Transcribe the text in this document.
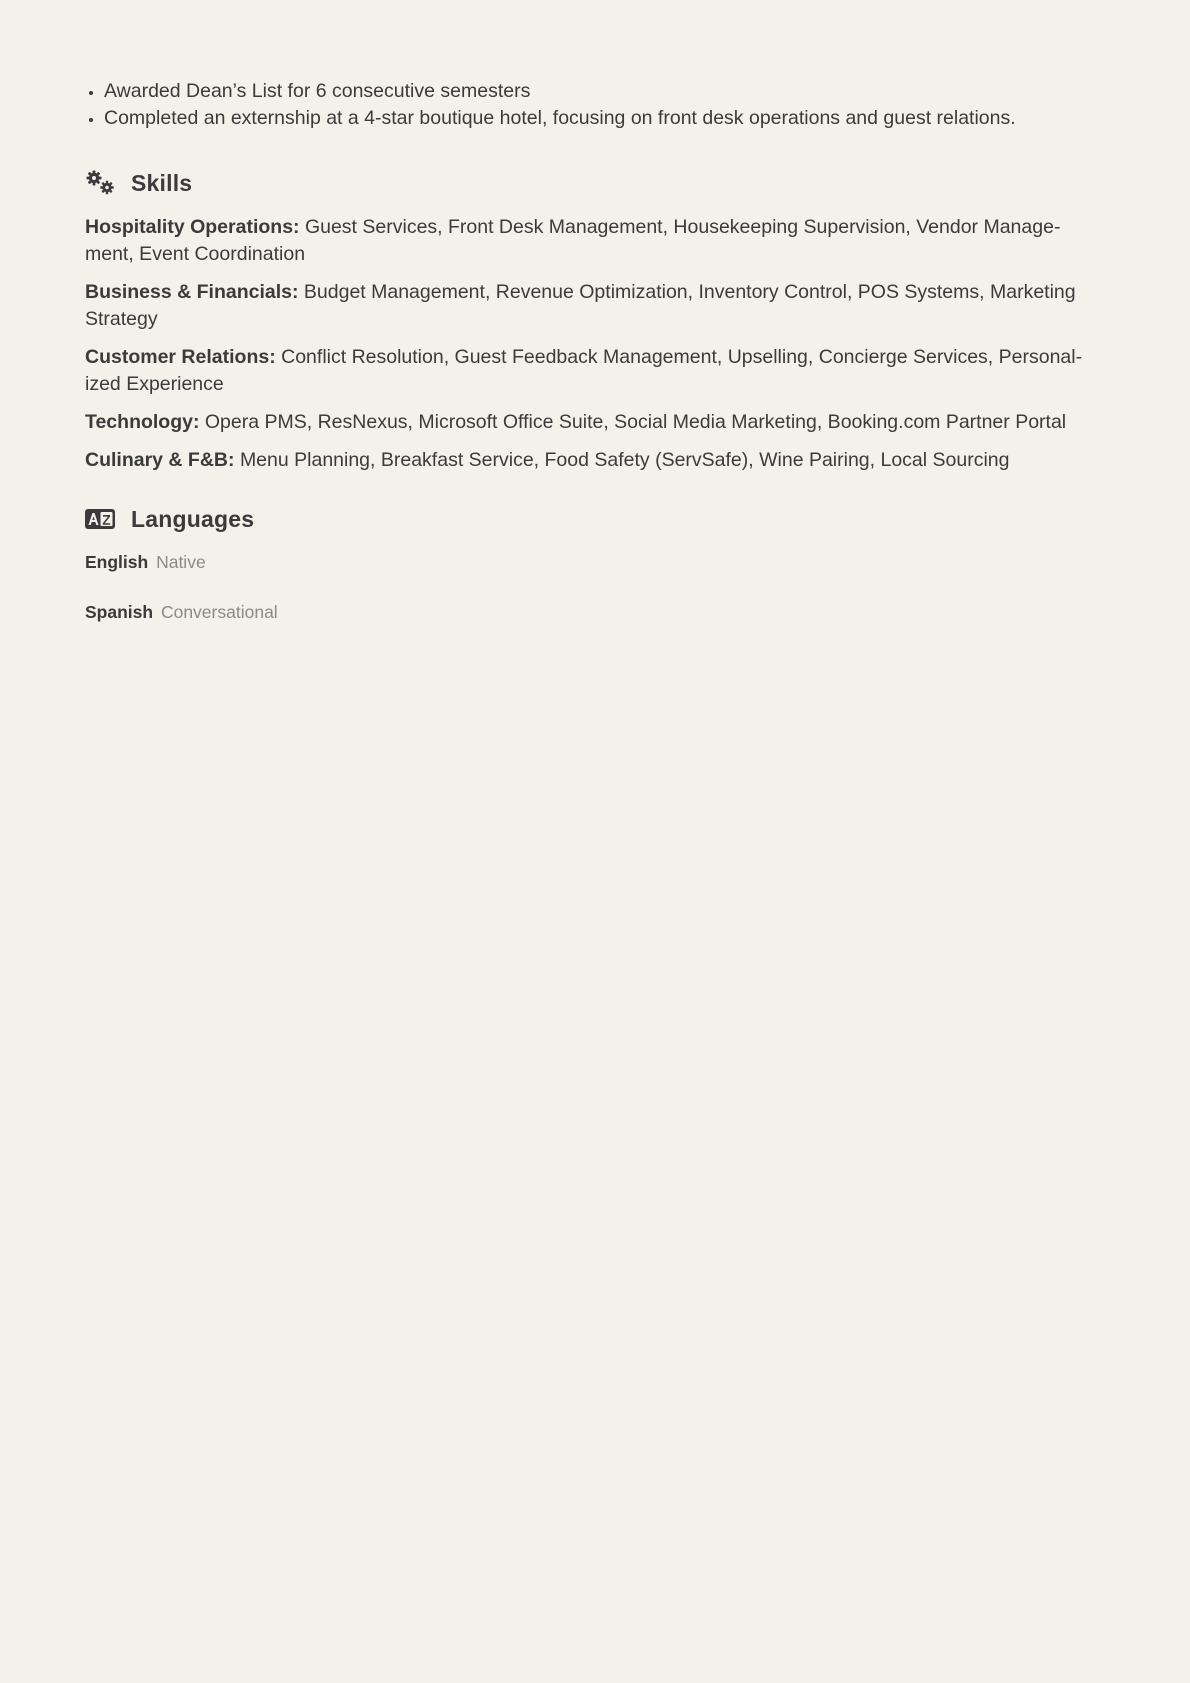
• Awarded Dean’s List for 6 consecutive semesters
• Completed an externship at a 4-star boutique hotel, focusing on front desk operations and guest relations.
Skills
Hospitality Operations: Guest Services, Front Desk Management, Housekeeping Supervision, Vendor Manage-ment, Event Coordination
Business & Financials: Budget Management, Revenue Optimization, Inventory Control, POS Systems, Marketing Strategy
Customer Relations: Conflict Resolution, Guest Feedback Management, Upselling, Concierge Services, Personal-ized Experience
Technology: Opera PMS, ResNexus, Microsoft Office Suite, Social Media Marketing, Booking.com Partner Portal
Culinary & F&B: Menu Planning, Breakfast Service, Food Safety (ServSafe), Wine Pairing, Local Sourcing
Languages
English Native
Spanish Conversational
